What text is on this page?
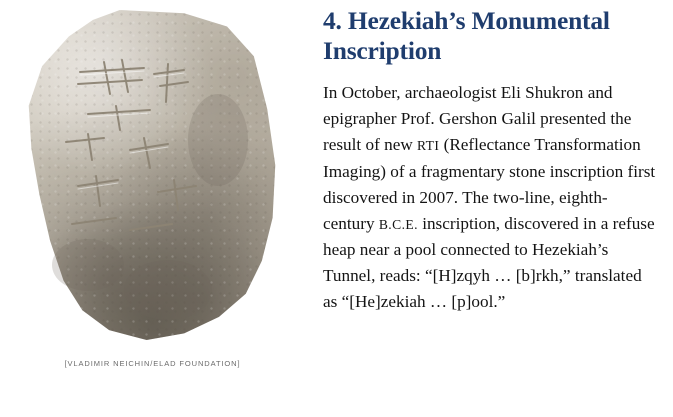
[VLADIMIR NEICHIN/ELAD FOUNDATION]
4. Hezekiah’s Monumental Inscription

In October, archaeologist Eli Shukron and epigrapher Prof. Gershon Galil presented the result of new RTI (Reflectance Transformation Imaging) of a fragmentary stone inscription first discovered in 2007. The two-line, eighth-century B.C.E. inscription, discovered in a refuse heap near a pool connected to Hezekiah’s Tunnel, reads: “[H]zqyh … [b]rkh,” translated as “[He]zekiah … [p]ool.”
